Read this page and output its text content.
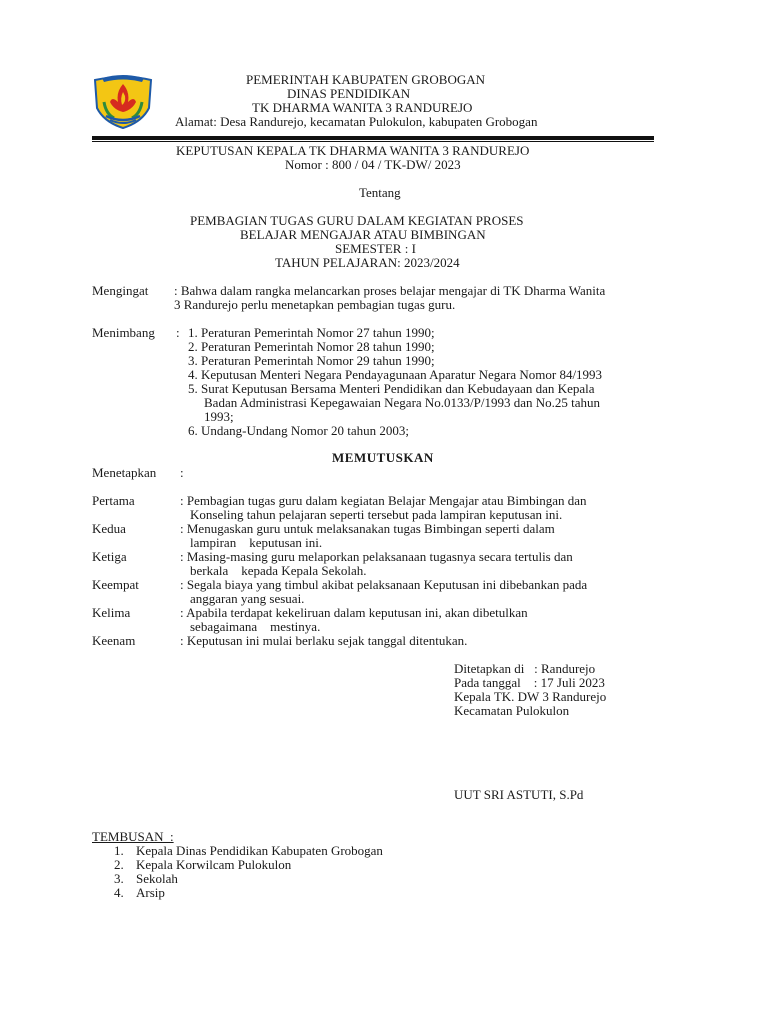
PEMERINTAH KABUPATEN GROBOGAN
DINAS PENDIDIKAN
TK DHARMA WANITA 3 RANDUREJO
Alamat: Desa Randurejo, kecamatan Pulokulon, kabupaten Grobogan
KEPUTUSAN KEPALA TK DHARMA WANITA 3 RANDUREJO
Nomor : 800 / 04 / TK-DW/ 2023
Tentang
PEMBAGIAN TUGAS GURU DALAM KEGIATAN PROSES
BELAJAR MENGAJAR ATAU BIMBINGAN
SEMESTER : I
TAHUN PELAJARAN: 2023/2024
Mengingat : Bahwa dalam rangka melancarkan proses belajar mengajar di TK Dharma Wanita
3 Randurejo perlu menetapkan pembagian tugas guru.
Menimbang : 1. Peraturan Pemerintah Nomor 27 tahun 1990;
2. Peraturan Pemerintah Nomor 28 tahun 1990;
3. Peraturan Pemerintah Nomor 29 tahun 1990;
4. Keputusan Menteri Negara Pendayagunaan Aparatur Negara Nomor 84/1993
5. Surat Keputusan Bersama Menteri Pendidikan dan Kebudayaan dan Kepala
Badan Administrasi Kepegawaian Negara No.0133/P/1993 dan No.25 tahun
1993;
6. Undang-Undang Nomor 20 tahun 2003;
MEMUTUSKAN
Menetapkan :
Pertama	: Pembagian tugas guru dalam kegiatan Belajar Mengajar atau Bimbingan dan
Konseling tahun pelajaran seperti tersebut pada lampiran keputusan ini.
Kedua	: Menugaskan guru untuk melaksanakan tugas Bimbingan seperti dalam
lampiran    keputusan ini.
Ketiga	: Masing-masing guru melaporkan pelaksanaan tugasnya secara tertulis dan
berkala    kepada Kepala Sekolah.
Keempat	: Segala biaya yang timbul akibat pelaksanaan Keputusan ini dibebankan pada
anggaran yang sesuai.
Kelima	: Apabila terdapat kekeliruan dalam keputusan ini, akan dibetulkan
sebagaimana    mestinya.
Keenam	: Keputusan ini mulai berlaku sejak tanggal ditentukan.
Ditetapkan di   : Randurejo
Pada tanggal    : 17 Juli 2023
Kepala TK. DW 3 Randurejo
Kecamatan Pulokulon
UUT SRI ASTUTI, S.Pd
TEMBUSAN  :
1. Kepala Dinas Pendidikan Kabupaten Grobogan
2. Kepala Korwilcam Pulokulon
3. Sekolah
4. Arsip
